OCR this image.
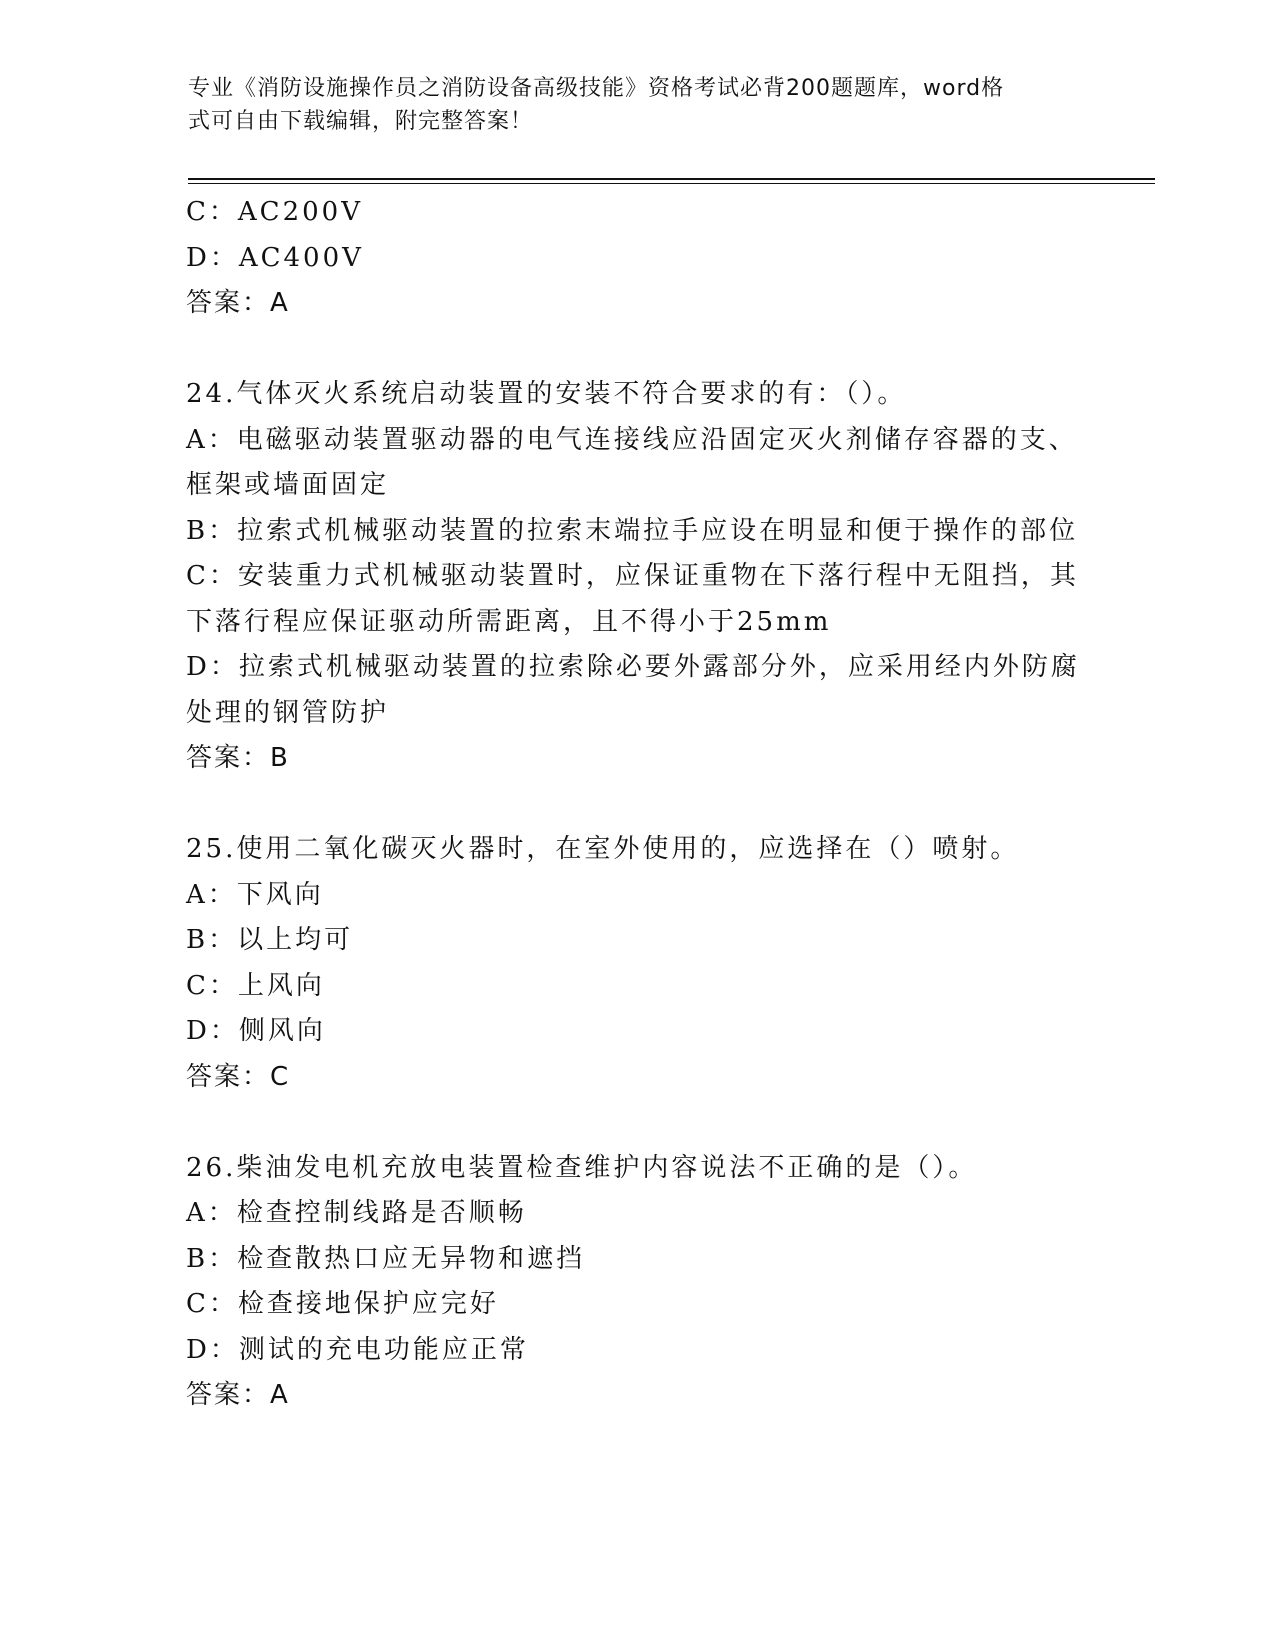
专业《消防设施操作员之消防设备高级技能》资格考试必背200题题库，word格
式可自由下载编辑，附完整答案！
C：AC200V
D：AC400V
答案：A
24.气体灭火系统启动装置的安装不符合要求的有：（）。
A：电磁驱动装置驱动器的电气连接线应沿固定灭火剂储存容器的支、
框架或墙面固定
B：拉索式机械驱动装置的拉索末端拉手应设在明显和便于操作的部位
C：安装重力式机械驱动装置时，应保证重物在下落行程中无阻挡，其
下落行程应保证驱动所需距离，且不得小于25mm
D：拉索式机械驱动装置的拉索除必要外露部分外，应采用经内外防腐
处理的钢管防护
答案：B
25.使用二氧化碳灭火器时，在室外使用的，应选择在（）喷射。
A：下风向
B：以上均可
C：上风向
D：侧风向
答案：C
26.柴油发电机充放电装置检查维护内容说法不正确的是（）。
A：检查控制线路是否顺畅
B：检查散热口应无异物和遮挡
C：检查接地保护应完好
D：测试的充电功能应正常
答案：A
